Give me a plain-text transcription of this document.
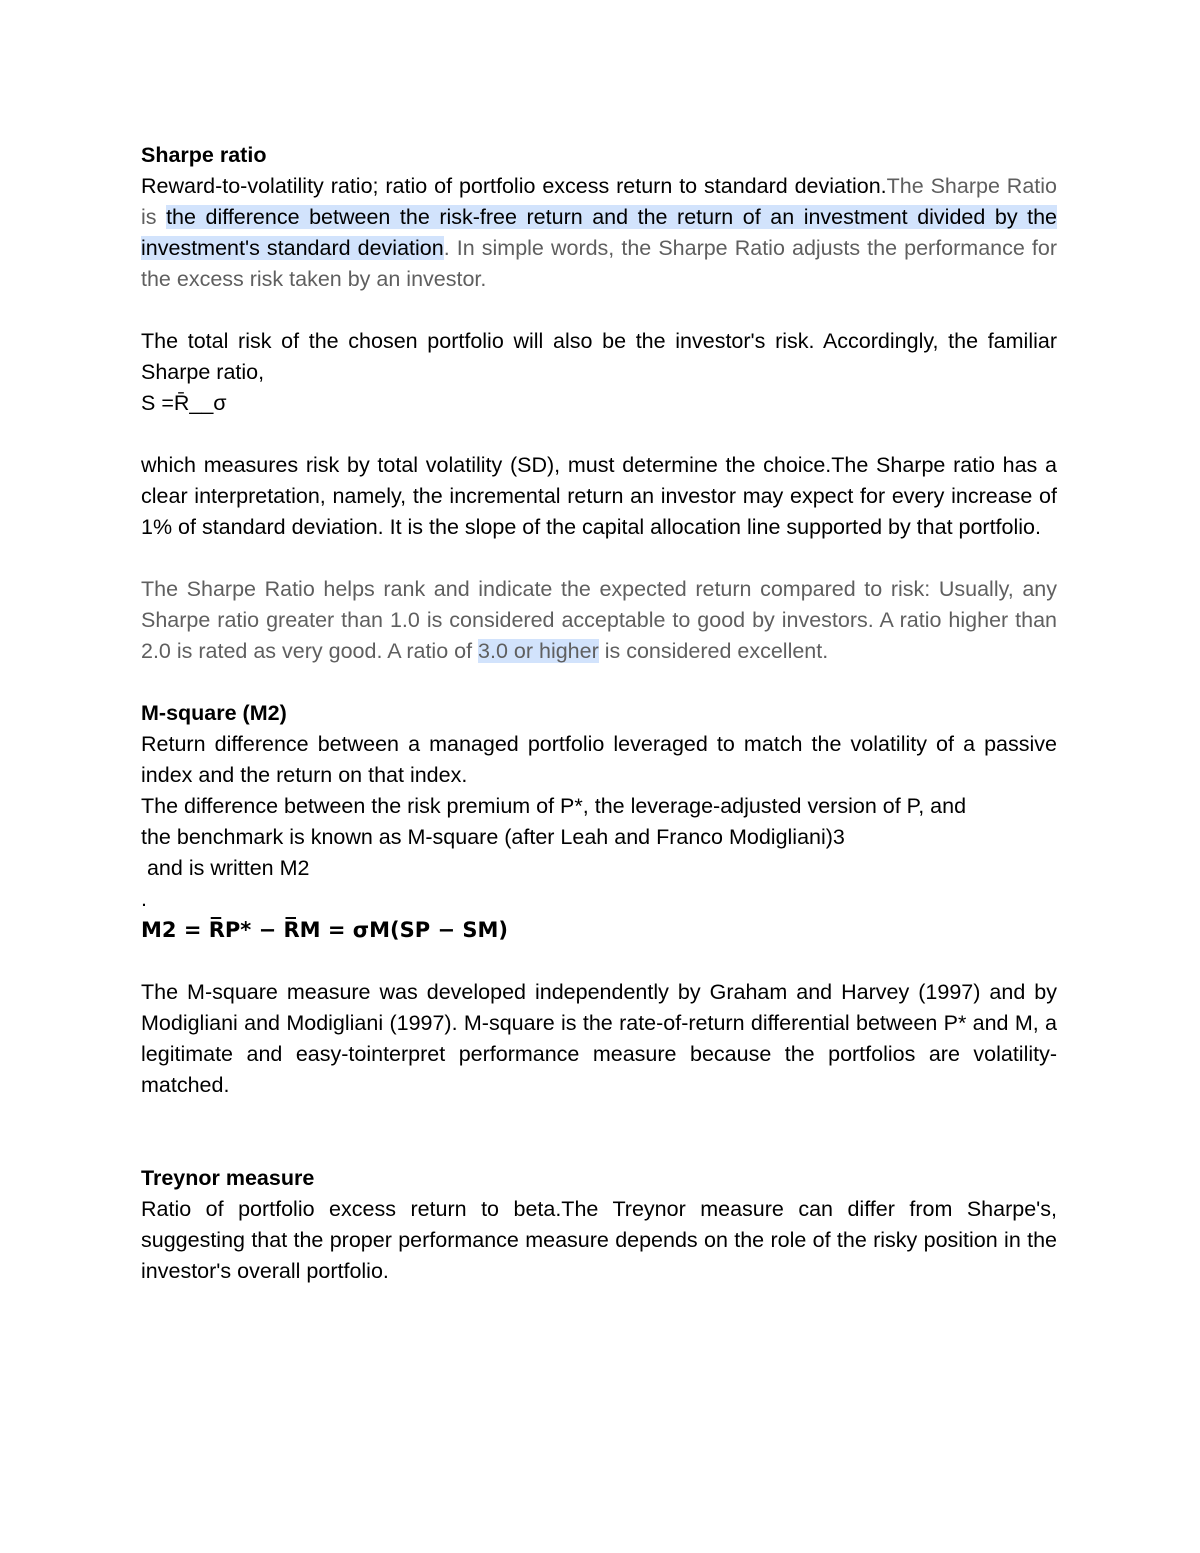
Sharpe ratio

Reward-to-volatility ratio; ratio of portfolio excess return to standard deviation.The Sharpe Ratio is the difference between the risk-free return and the return of an investment divided by the investment's standard deviation. In simple words, the Sharpe Ratio adjusts the performance for the excess risk taken by an investor.

The total risk of the chosen portfolio will also be the investor's risk. Accordingly, the familiar Sharpe ratio,

S =R̄__σ

which measures risk by total volatility (SD), must determine the choice.The Sharpe ratio has a clear interpretation, namely, the incremental return an investor may expect for every increase of 1% of standard deviation. It is the slope of the capital allocation line supported by that portfolio.

The Sharpe Ratio helps rank and indicate the expected return compared to risk: Usually, any Sharpe ratio greater than 1.0 is considered acceptable to good by investors. A ratio higher than 2.0 is rated as very good. A ratio of 3.0 or higher is considered excellent.

M-square (M2)

Return difference between a managed portfolio leveraged to match the volatility of a passive index and the return on that index.

The difference between the risk premium of P*, the leverage-adjusted version of P, and
the benchmark is known as M-square (after Leah and Franco Modigliani)3
and is written M2
.
M2 = R̅P* − R̅M = σM(SP − SM)

The M-square measure was developed independently by Graham and Harvey (1997) and by Modigliani and Modigliani (1997). M-square is the rate-of-return differential between P* and M, a legitimate and easy-tointerpret performance measure because the portfolios are volatility-matched.

Treynor measure

Ratio of portfolio excess return to beta.The Treynor measure can differ from Sharpe's, suggesting that the proper performance measure depends on the role of the risky position in the investor's overall portfolio.
